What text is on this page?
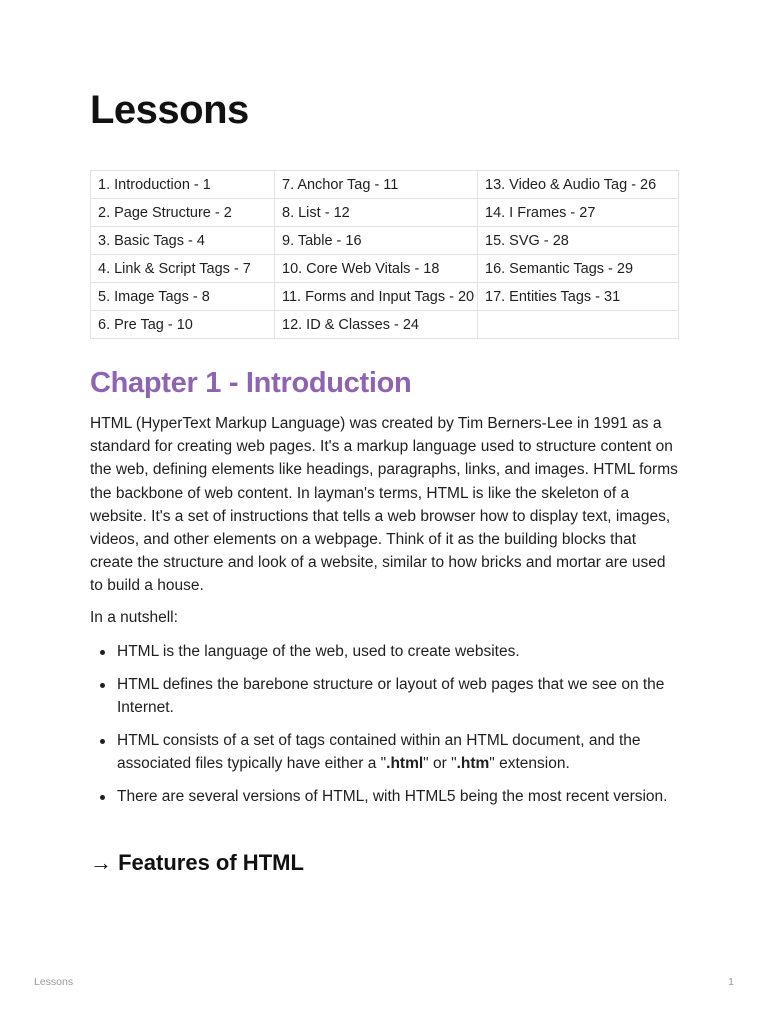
Lessons
1. Introduction - 1	7. Anchor Tag - 11	13. Video & Audio Tag - 26
2. Page Structure - 2	8. List - 12	14. I Frames - 27
3. Basic Tags - 4	9. Table - 16	15. SVG - 28
4. Link & Script Tags - 7	10. Core Web Vitals - 18	16. Semantic Tags - 29
5. Image Tags - 8	11. Forms and Input Tags - 20	17. Entities Tags - 31
6. Pre Tag - 10	12. ID & Classes - 24	
Chapter 1 - Introduction

HTML (HyperText Markup Language) was created by Tim Berners-Lee in 1991 as a standard for creating web pages. It's a markup language used to structure content on the web, defining elements like headings, paragraphs, links, and images. HTML forms the backbone of web content. In layman's terms, HTML is like the skeleton of a website. It's a set of instructions that tells a web browser how to display text, images, videos, and other elements on a webpage. Think of it as the building blocks that create the structure and look of a website, similar to how bricks and mortar are used to build a house.

In a nutshell:

HTML is the language of the web, used to create websites.
HTML defines the barebone structure or layout of web pages that we see on the Internet.
HTML consists of a set of tags contained within an HTML document, and the associated files typically have either a ".html" or ".htm" extension.
There are several versions of HTML, with HTML5 being the most recent version.
→ Features of HTML
Lessons	1
